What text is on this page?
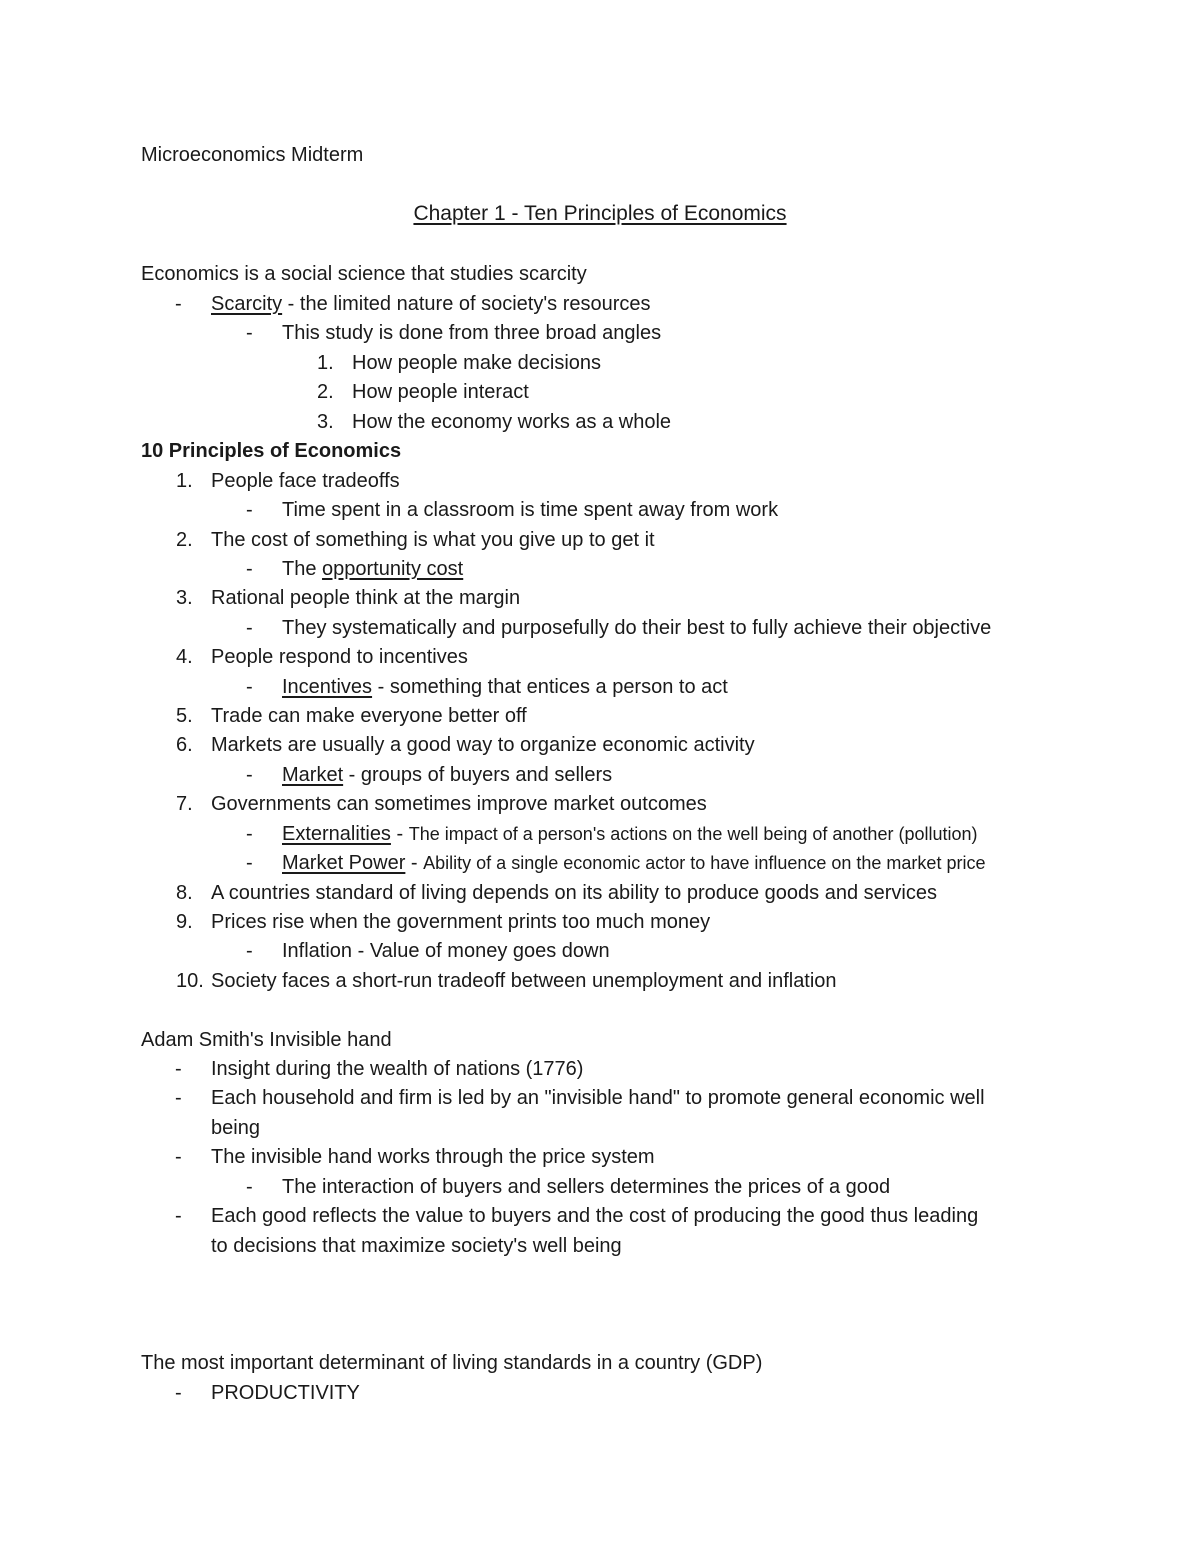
Microeconomics Midterm
Chapter 1 - Ten Principles of Economics
Economics is a social science that studies scarcity
- Scarcity - the limited nature of society's resources
- This study is done from three broad angles
1. How people make decisions
2. How people interact
3. How the economy works as a whole
10 Principles of Economics
1. People face tradeoffs
- Time spent in a classroom is time spent away from work
2. The cost of something is what you give up to get it
- The opportunity cost
3. Rational people think at the margin
- They systematically and purposefully do their best to fully achieve their objective
4. People respond to incentives
- Incentives - something that entices a person to act
5. Trade can make everyone better off
6. Markets are usually a good way to organize economic activity
- Market - groups of buyers and sellers
7. Governments can sometimes improve market outcomes
- Externalities - The impact of a person's actions on the well being of another (pollution)
- Market Power - Ability of a single economic actor to have influence on the market price
8. A countries standard of living depends on its ability to produce goods and services
9. Prices rise when the government prints too much money
- Inflation - Value of money goes down
10. Society faces a short-run tradeoff between unemployment and inflation
Adam Smith's Invisible hand
- Insight during the wealth of nations (1776)
- Each household and firm is led by an "invisible hand" to promote general economic well
being
- The invisible hand works through the price system
- The interaction of buyers and sellers determines the prices of a good
- Each good reflects the value to buyers and the cost of producing the good thus leading
to decisions that maximize society's well being
The most important determinant of living standards in a country (GDP)
- PRODUCTIVITY
